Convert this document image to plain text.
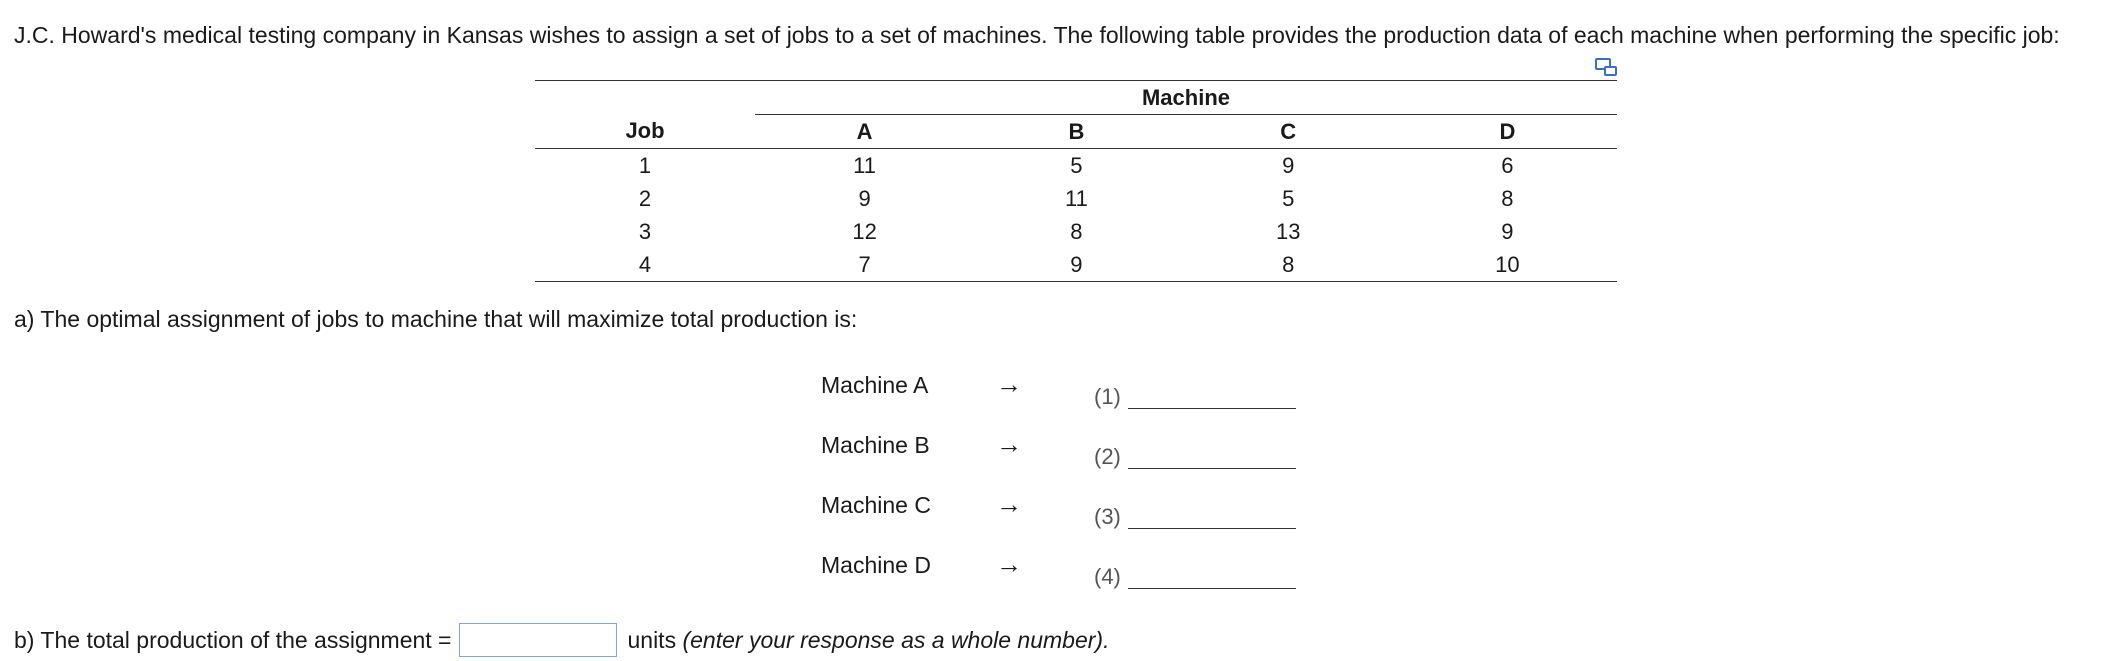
J.C. Howard's medical testing company in Kansas wishes to assign a set of jobs to a set of machines. The following table provides the production data of each machine when performing the specific job:
	Machine			
Job	A	B	C	D
1	11	5	9	6
2	9	11	5	8
3	12	8	13	9
4	7	9	8	10
a) The optimal assignment of jobs to machine that will maximize total production is:
Machine A	→	(1)
Machine B	→	(2)
Machine C	→	(3)
Machine D	→	(4)
b) The total production of the assignment =	units
(enter your response as a whole number).
